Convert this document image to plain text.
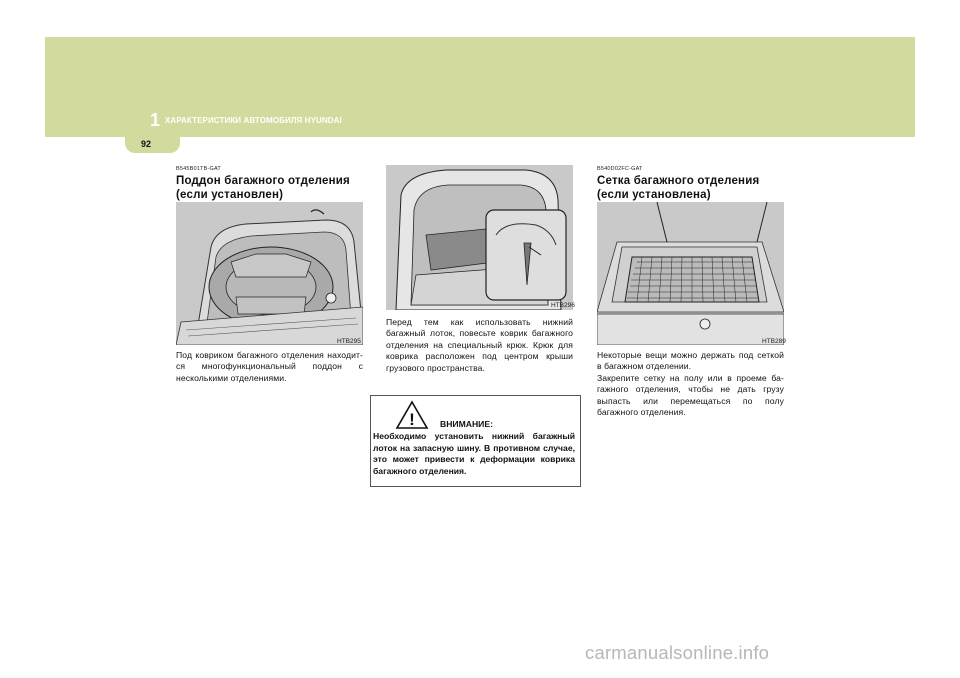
1 ХАРАКТЕРИСТИКИ АВТОМОБИЛЯ HYUNDAI
92
B545B01TB-GAT
Поддон багажного отделения
(если установлен)
HTB295
Под ковриком багажного отделения находит-ся многофункциональный поддон с несколькими отделениями.
HTB296
Перед тем как использовать нижний багажный лоток, повесьте коврик багажного отделения на специальный крюк. Крюк для коврика расположен под центром крыши грузового пространства.
!	ВНИМАНИЕ:
Необходимо установить нижний багажный лоток на запасную шину. В противном случае, это может привести к деформации коврика багажного отделения.
B540D02FC-GAT
Сетка багажного отделения
(если установлена)
HTB289
Некоторые вещи можно держать под сеткой в багажном отделении.
Закрепите сетку на полу или в проеме ба-гажного отделения, чтобы не дать грузу выпасть или перемещаться по полу багажного отделения.
carmanualsonline.info
